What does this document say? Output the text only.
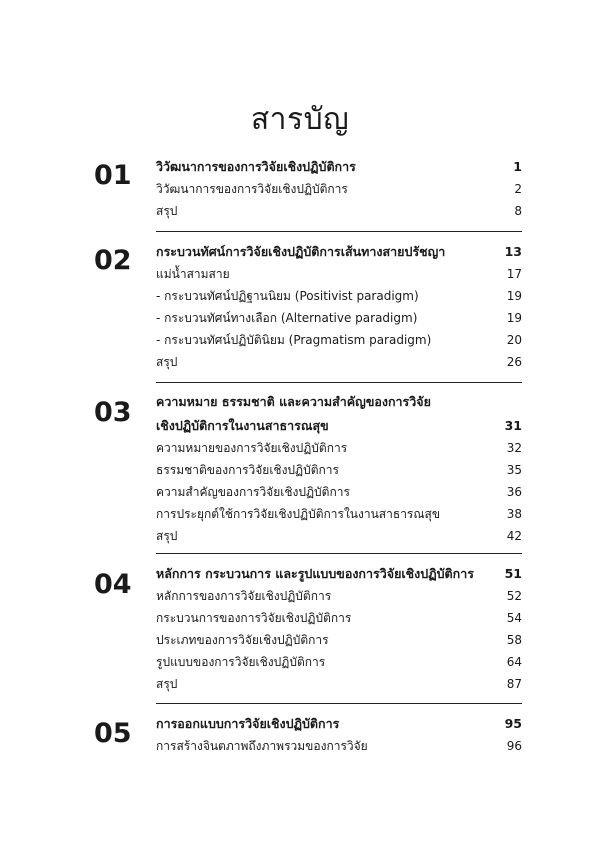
สารบัญ
01	วิวัฒนาการของการวิจัยเชิงปฏิบัติการ	1
วิวัฒนาการของการวิจัยเชิงปฏิบัติการ	2
สรุป	8
02	กระบวนทัศน์การวิจัยเชิงปฏิบัติการเส้นทางสายปรัชญา	13
แม่น้ำสามสาย	17
- กระบวนทัศน์ปฏิฐานนิยม (Positivist paradigm)	19
- กระบวนทัศน์ทางเลือก (Alternative paradigm)	19
- กระบวนทัศน์ปฏิบัตินิยม (Pragmatism paradigm)	20
สรุป	26
03	ความหมาย ธรรมชาติ และความสำคัญของการวิจัย
เชิงปฏิบัติการในงานสาธารณสุข	31
ความหมายของการวิจัยเชิงปฏิบัติการ	32
ธรรมชาติของการวิจัยเชิงปฏิบัติการ	35
ความสำคัญของการวิจัยเชิงปฏิบัติการ	36
การประยุกต์ใช้การวิจัยเชิงปฏิบัติการในงานสาธารณสุข	38
สรุป	42
04	หลักการ กระบวนการ และรูปแบบของการวิจัยเชิงปฏิบัติการ 51
หลักการของการวิจัยเชิงปฏิบัติการ	52
กระบวนการของการวิจัยเชิงปฏิบัติการ	54
ประเภทของการวิจัยเชิงปฏิบัติการ	58
รูปแบบของการวิจัยเชิงปฏิบัติการ	64
สรุป	87
05	การออกแบบการวิจัยเชิงปฏิบัติการ	95
การสร้างจินตภาพถึงภาพรวมของการวิจัย	96
